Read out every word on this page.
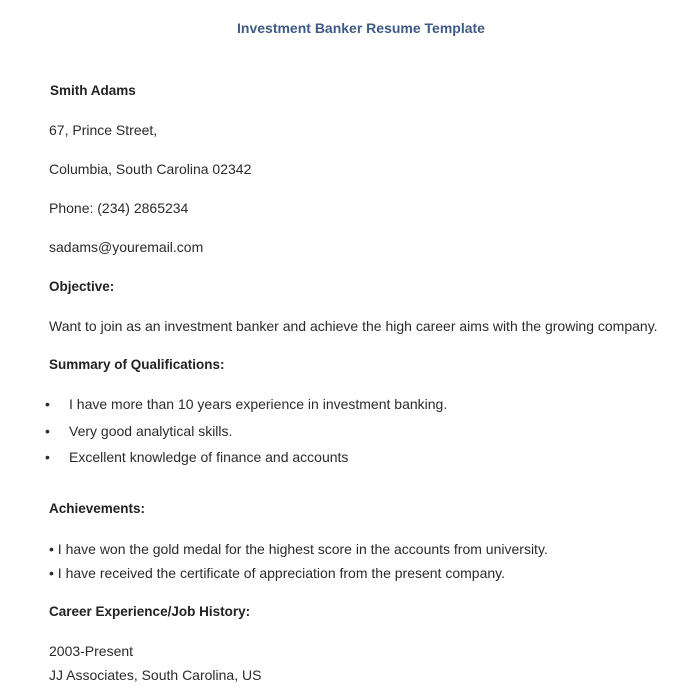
Investment Banker Resume Template
Smith Adams
67, Prince Street,
Columbia, South Carolina 02342
Phone: (234) 2865234
sadams@youremail.com
Objective:
Want to join as an investment banker and achieve the high career aims with the growing company.
Summary of Qualifications:
• I have more than 10 years experience in investment banking.
• Very good analytical skills.
• Excellent knowledge of finance and accounts
Achievements:
• I have won the gold medal for the highest score in the accounts from university.
• I have received the certificate of appreciation from the present company.
Career Experience/Job History:
2003-Present
JJ Associates, South Carolina, US
